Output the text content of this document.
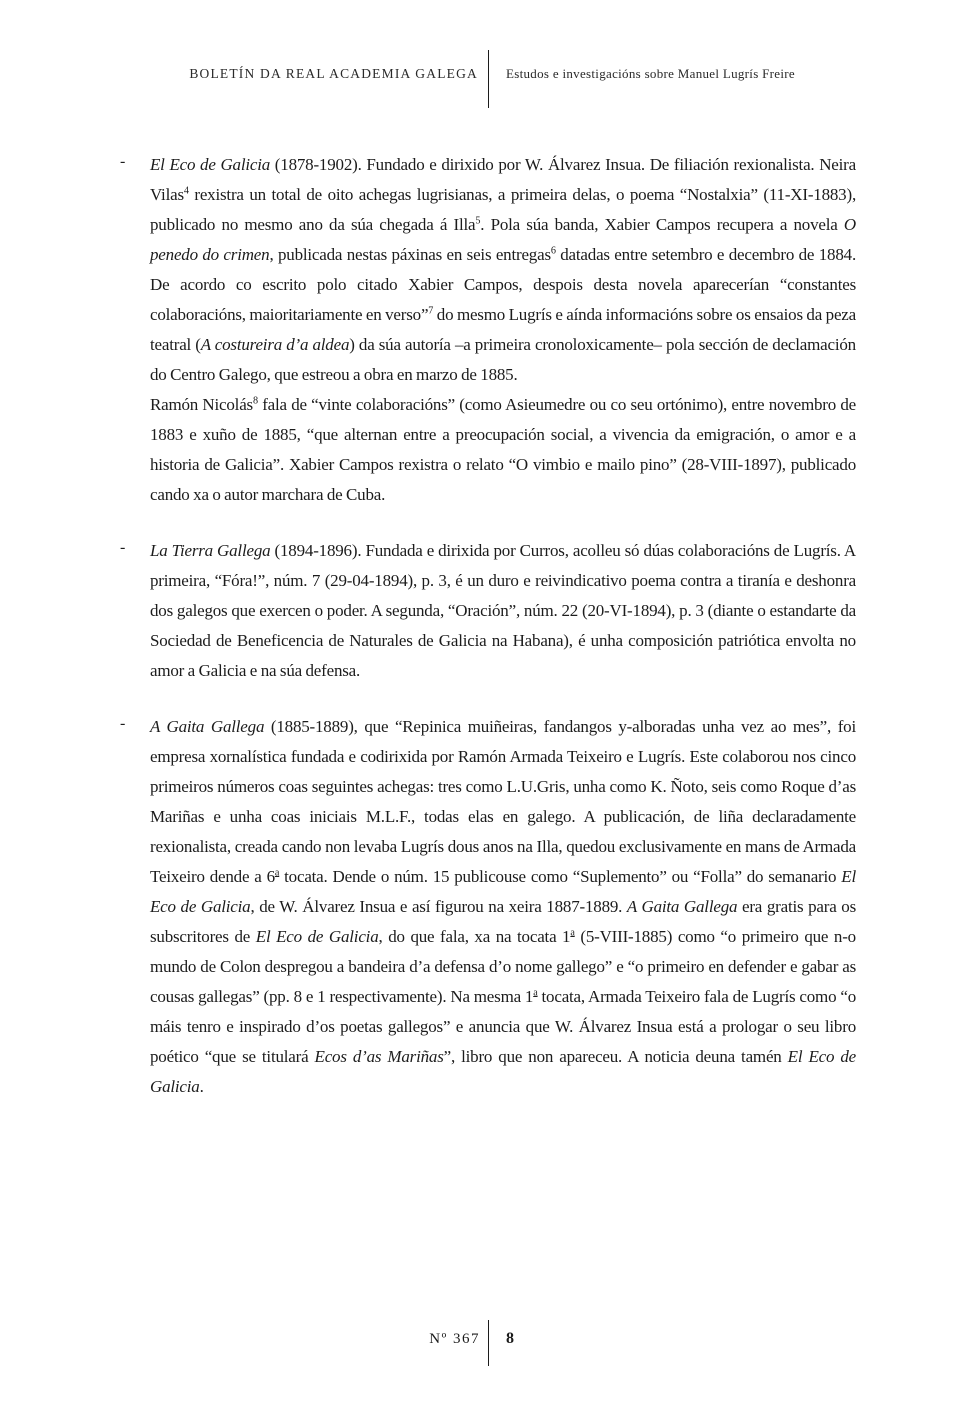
BOLETÍN DA REAL ACADEMIA GALEGA Estudos e investigacións sobre Manuel Lugrís Freire
- El Eco de Galicia (1878-1902). Fundado e dirixido por W. Álvarez Insua. De filiación rexionalista. Neira Vilas$^4$ rexistra un total de oito achegas lugrisianas, a primeira delas, o poema “Nostalxia” (11-XI-1883), publicado no mesmo ano da súa chegada á Illa$^5$. Pola súa banda, Xabier Campos recupera a novela O penedo do crimen, publicada nestas páxinas en seis entregas$^6$ datadas entre setembro e decembro de 1884. De acordo co escrito polo citado Xabier Campos, despois desta novela aparecerían “constantes colaboracións, maioritariamente en verso”$^7$ do mesmo Lugrís e aínda informacións sobre os ensaios da peza teatral (A costureira d’a aldea) da súa autoría –a primeira cronoloxicamente– pola sección de declamación do Centro Galego, que estreou a obra en marzo de 1885.

Ramón Nicolás$^8$ fala de “vinte colaboracións” (como Asieumedre ou co seu ortónimo), entre novembro de 1883 e xuño de 1885, “que alternan entre a preocupación social, a vivencia da emigración, o amor e a historia de Galicia”. Xabier Campos rexistra o relato “O vimbio e mailo pino” (28-VIII-1897), publicado cando xa o autor marchara de Cuba.

- La Tierra Gallega (1894-1896). Fundada e dirixida por Curros, acolleu só dúas colaboracións de Lugrís. A primeira, “Fóra!”, núm. 7 (29-04-1894), p. 3, é un duro e reivindicativo poema contra a tiranía e deshonra dos galegos que exercen o poder. A segunda, “Oración”, núm. 22 (20-VI-1894), p. 3 (diante o estandarte da Sociedad de Beneficencia de Naturales de Galicia na Habana), é unha composición patriótica envolta no amor a Galicia e na súa defensa.

- A Gaita Gallega (1885-1889), que “Repinica muiñeiras, fandangos y-alboradas unha vez ao mes”, foi empresa xornalística fundada e codirixida por Ramón Armada Teixeiro e Lugrís. Este colaborou nos cinco primeiros números coas seguintes achegas: tres como L.U.Gris, unha como K. Ñoto, seis como Roque d’as Mariñas e unha coas iniciais M.L.F., todas elas en galego. A publicación, de liña declaradamente rexionalista, creada cando non levaba Lugrís dous anos na Illa, quedou exclusivamente en mans de Armada Teixeiro dende a 6$^a$ tocata. Dende o núm. 15 publicouse como “Suplemento” ou “Folla” do semanario El Eco de Galicia, de W. Álvarez Insua e así figurou na xeira 1887-1889. A Gaita Gallega era gratis para os subscritores de El Eco de Galicia, do que fala, xa na tocata 1$^a$ (5-VIII-1885) como “o primeiro que n-o mundo de Colon despregou a bandeira d’a defensa d’o nome gallego” e “o primeiro en defender e gabar as cousas gallegas” (pp. 8 e 1 respectivamente). Na mesma 1$^a$ tocata, Armada Teixeiro fala de Lugrís como “o máis tenro e inspirado d’os poetas gallegos” e anuncia que W. Álvarez Insua está a prologar o seu libro poético “que se titulará Ecos d’as Mariñas”, libro que non apareceu. A noticia deuna tamén El Eco de Galicia.

Nº 367 8
